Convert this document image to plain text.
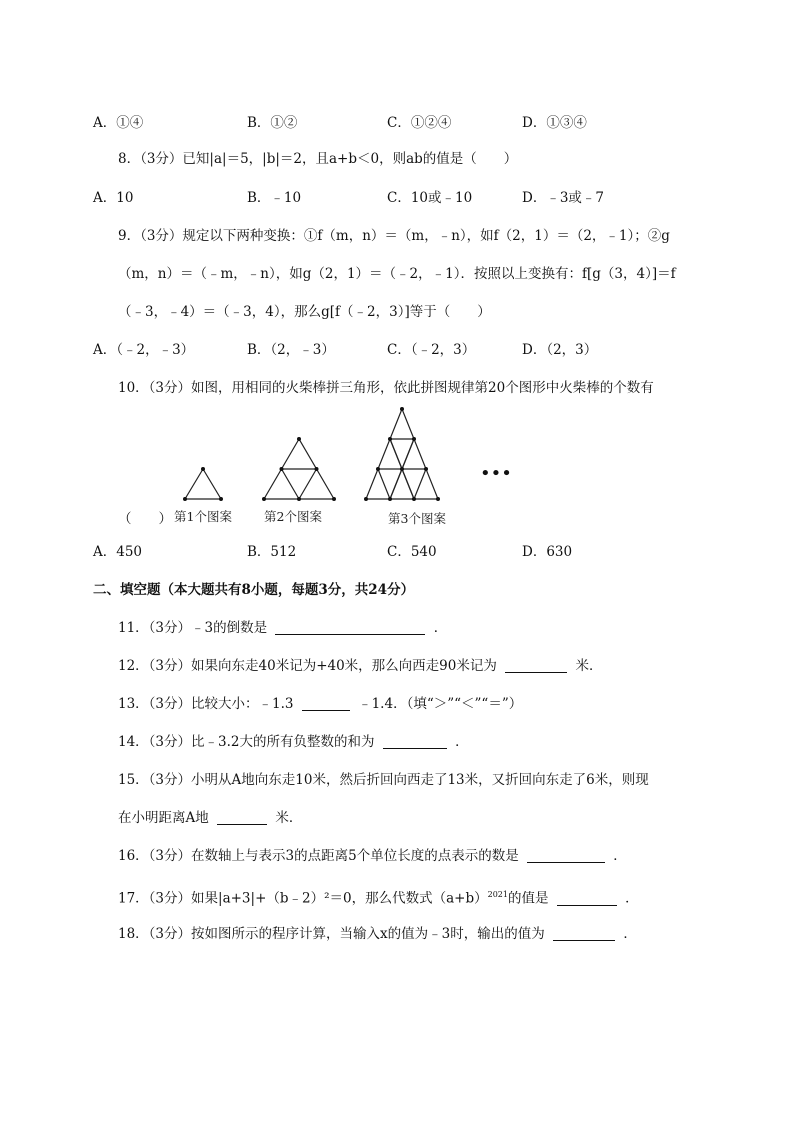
A．①④	B．①②	C．①②④	D．①③④
8．（3分）已知|a|＝5，|b|＝2，且a+b＜0，则ab的值是（　　）
A．10	B．﹣10	C．10或﹣10	D．﹣3或﹣7
9．（3分）规定以下两种变换：①f（m，n）＝（m，﹣n），如f（2，1）＝（2，﹣1）；②g
（m，n）＝（﹣m，﹣n），如g（2，1）＝（﹣2，﹣1）．按照以上变换有：f[g（3，4）]＝f
（﹣3，﹣4）＝（﹣3，4），那么g[f（﹣2，3）]等于（　　）
A．（﹣2，﹣3）	B．（2，﹣3）	C．（﹣2，3）	D．（2，3）
10．（3分）如图，用相同的火柴棒拼三角形，依此拼图规律第20个图形中火柴棒的个数有
第1个图案	第2个图案	第3个图案
•••
（　　）
A．450	B．512	C．540	D．630
二、填空题（本大题共有8小题，每题3分，共24分）
11．（3分）﹣3的倒数是	．
12．（3分）如果向东走40米记为+40米，那么向西走90米记为	米．
13．（3分）比较大小：﹣1.3	﹣1.4．（填“＞”“＜”“＝”）
14．（3分）比﹣3.2大的所有负整数的和为	．
15．（3分）小明从A地向东走10米，然后折回向西走了13米，又折回向东走了6米，则现
在小明距离A地	米．
16．（3分）在数轴上与表示3的点距离5个单位长度的点表示的数是	．
17．（3分）如果|a+3|+（b﹣2）²＝0，那么代数式$(a+b)^{2021}$的值是	．
18．（3分）按如图所示的程序计算，当输入x的值为﹣3时，输出的值为	．
